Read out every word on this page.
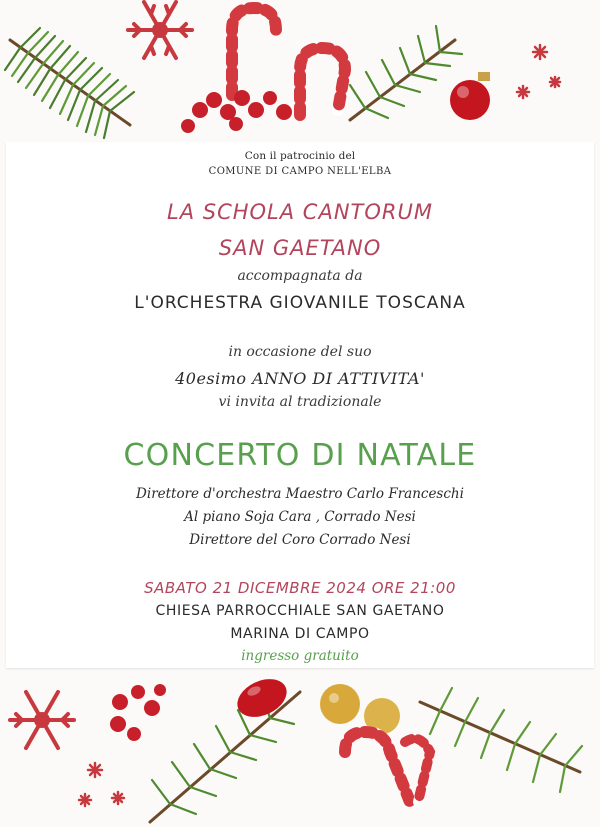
Con il patrocinio del
COMUNE DI CAMPO NELL'ELBA
LA SCHOLA CANTORUM
SAN GAETANO
accompagnata da
L'ORCHESTRA GIOVANILE TOSCANA
in occasione del suo
40esimo ANNO DI ATTIVITA'
vi invita al tradizionale
CONCERTO DI NATALE
Direttore d'orchestra Maestro Carlo Franceschi
Al piano Soja Cara , Corrado Nesi
Direttore del Coro Corrado Nesi
SABATO 21 DICEMBRE 2024 ORE 21:00
CHIESA PARROCCHIALE SAN GAETANO
MARINA DI CAMPO
ingresso gratuito
